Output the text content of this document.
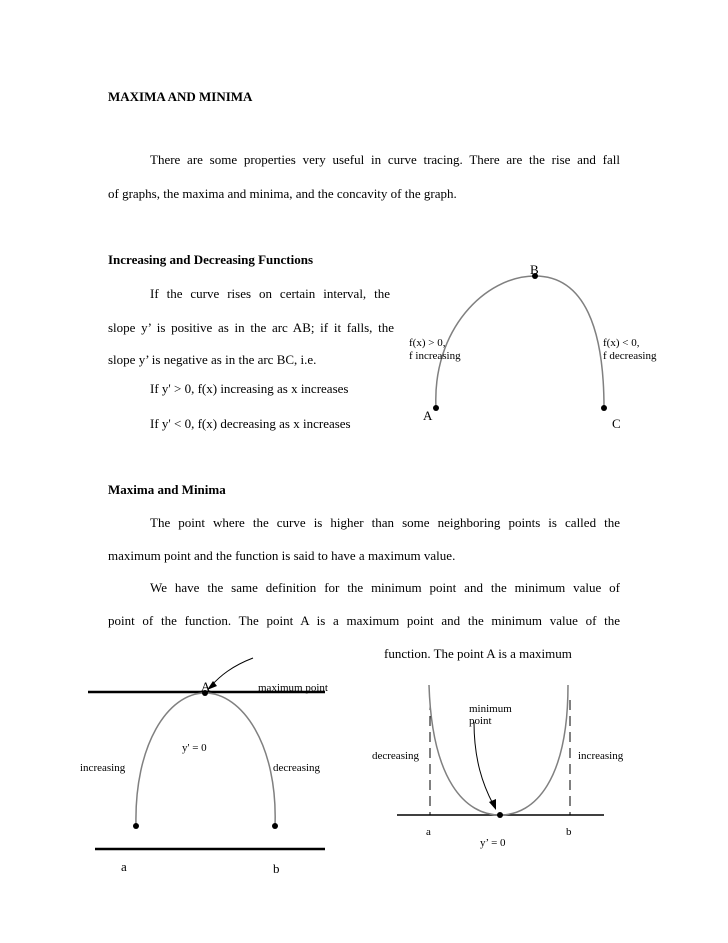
MAXIMA AND MINIMA
There are some properties very useful in curve tracing. There are the rise and fall
of graphs, the maxima and minima, and the concavity of the graph.
Increasing and Decreasing Functions
If the curve rises on certain interval, the
slope y’ is positive as in the arc AB; if it falls, the
slope y’ is negative as in the arc BC, i.e.
If y' > 0, f(x) increasing as x increases
If y' < 0, f(x) decreasing as x increases
B
f(x) > 0,
f increasing
f(x) < 0,
f decreasing
A
C
Maxima and Minima
The point where the curve is higher than some neighboring points is called the
maximum point and the function is said to have a maximum value.
We have the same definition for the minimum point and the minimum value of
point of the function. The point A is a maximum point and the minimum value of the
function. The point A is a maximum
A	maximum point
y' = 0
increasing	decreasing
a	b
minimum
point
decreasing	increasing
a	b
y’ = 0
